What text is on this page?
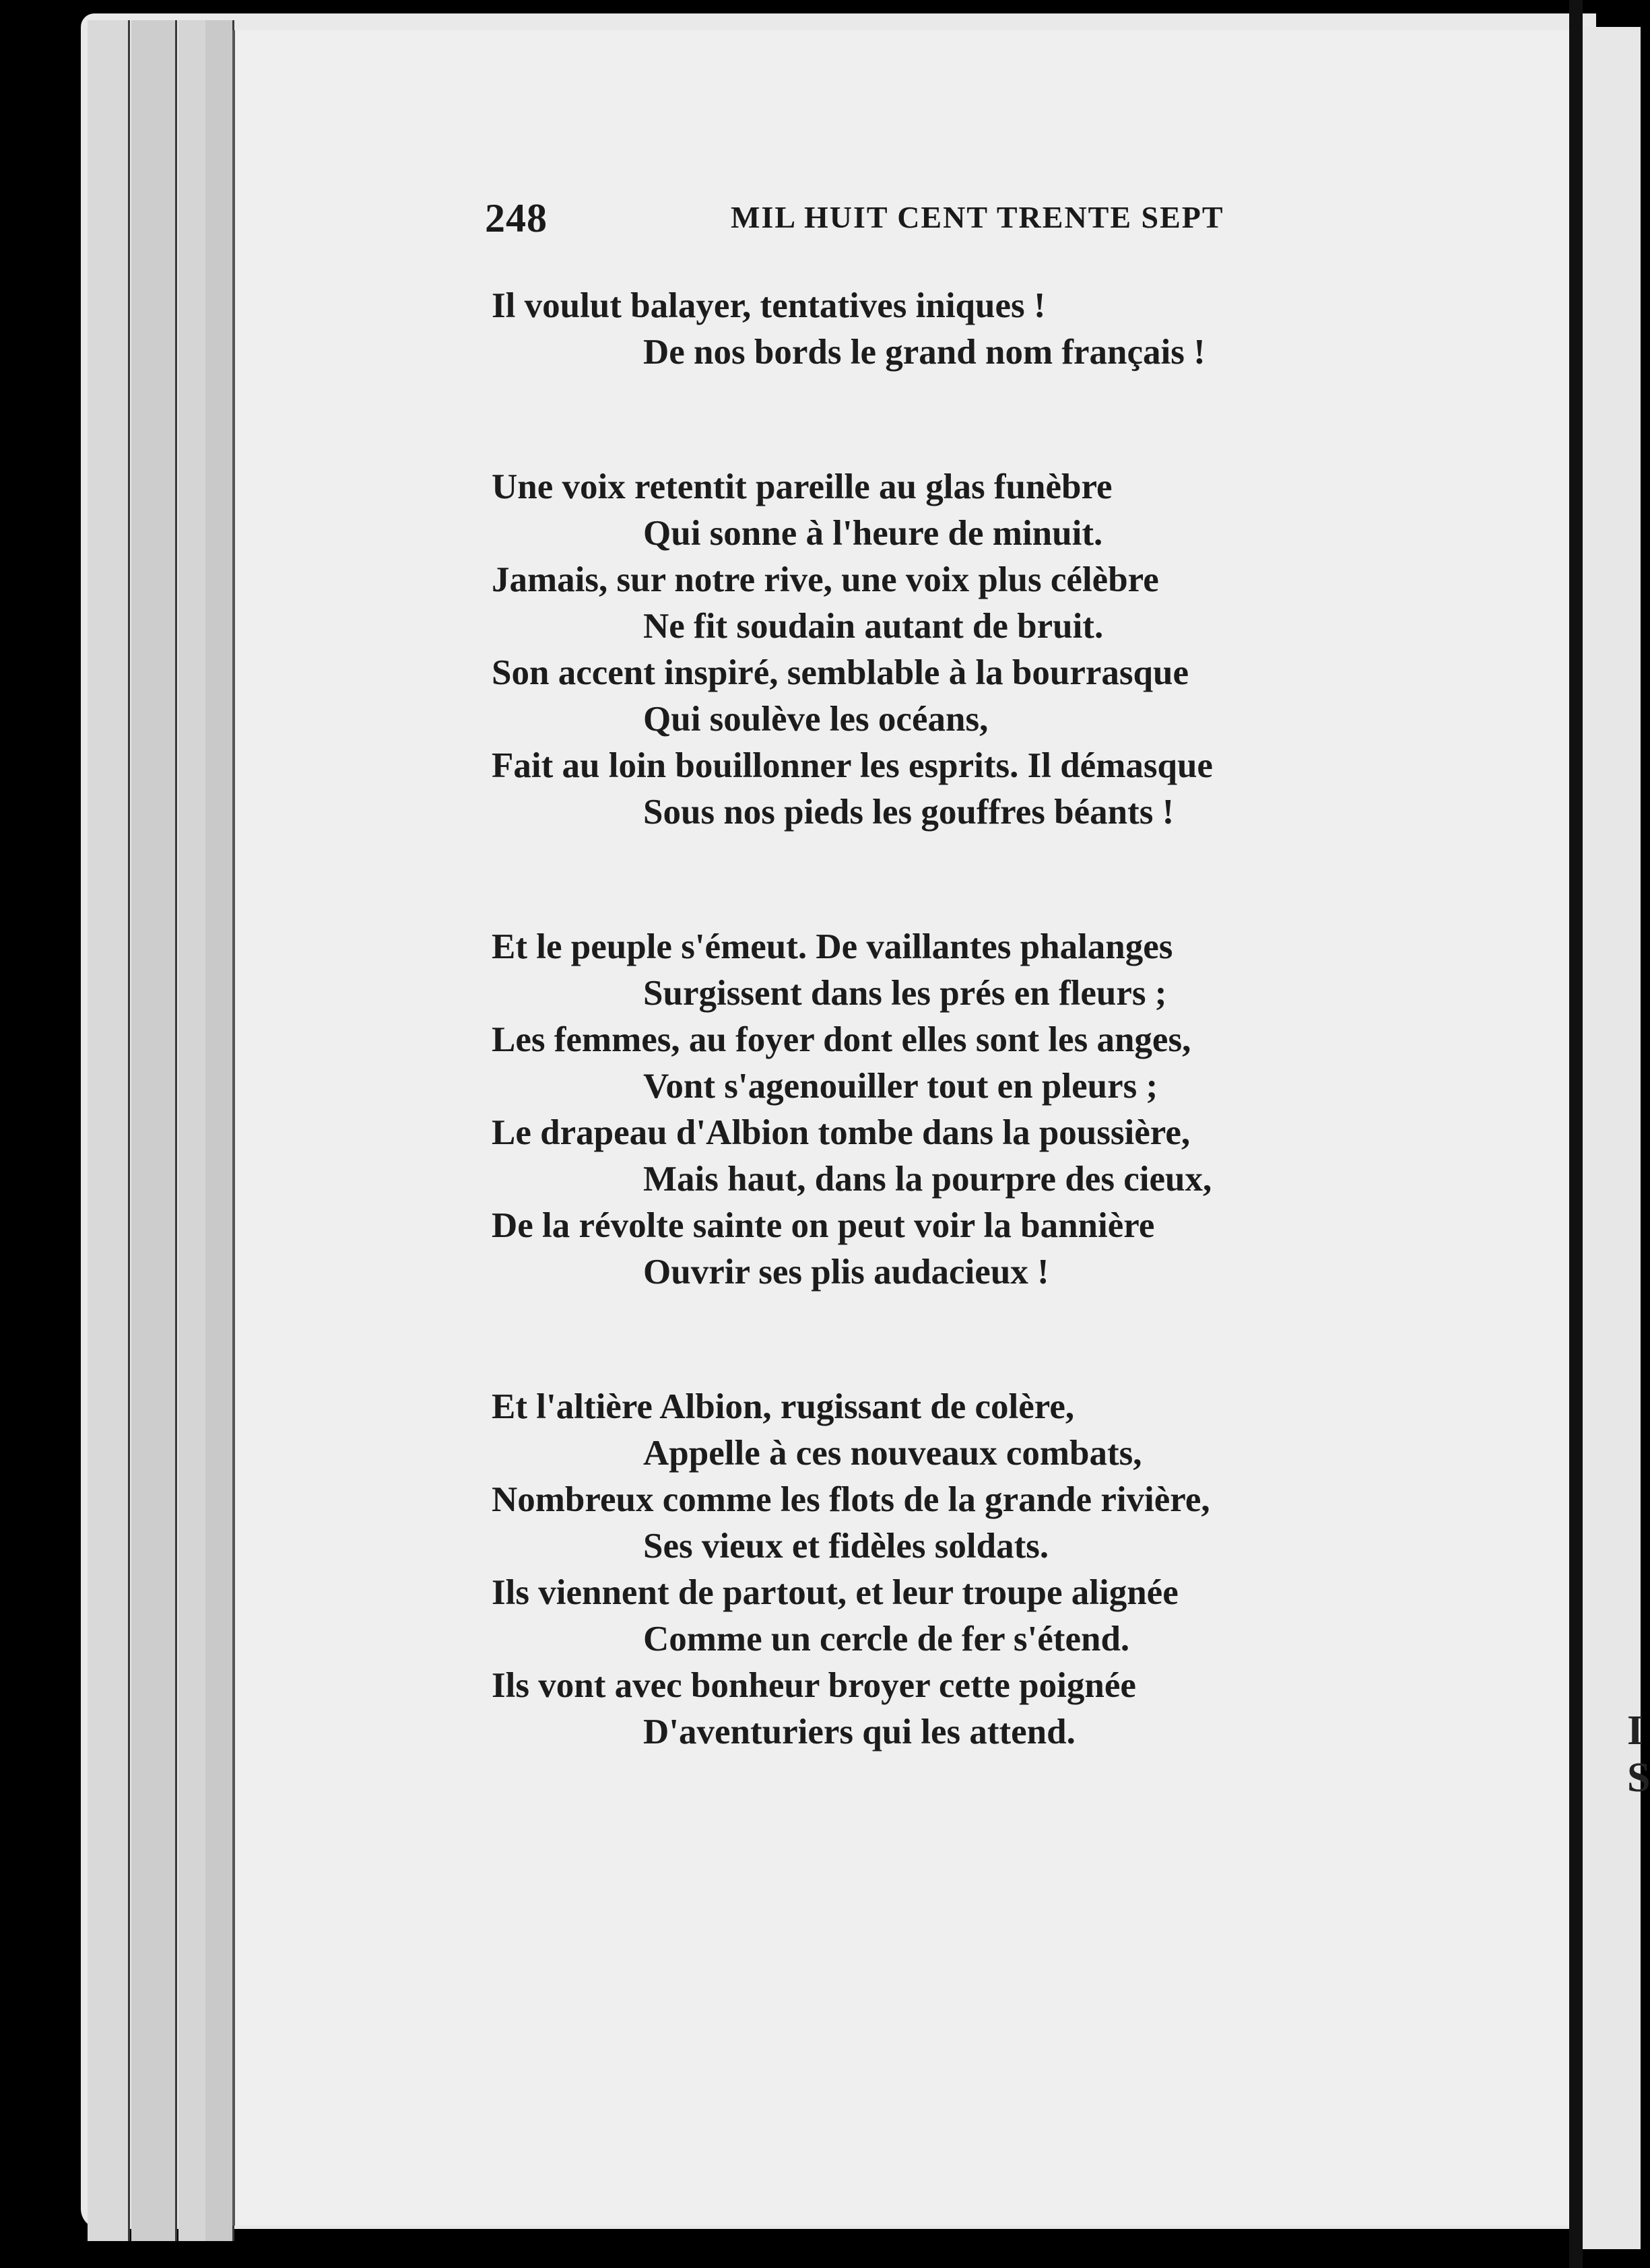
I
S
248	MIL HUIT CENT TRENTE SEPT
Il voulut balayer, tentatives iniques !
De nos bords le grand nom français !
Une voix retentit pareille au glas funèbre
Qui sonne à l'heure de minuit.
Jamais, sur notre rive, une voix plus célèbre
Ne fit soudain autant de bruit.
Son accent inspiré, semblable à la bourrasque
Qui soulève les océans,
Fait au loin bouillonner les esprits. Il démasque
Sous nos pieds les gouffres béants !
Et le peuple s'émeut. De vaillantes phalanges
Surgissent dans les prés en fleurs ;
Les femmes, au foyer dont elles sont les anges,
Vont s'agenouiller tout en pleurs ;
Le drapeau d'Albion tombe dans la poussière,
Mais haut, dans la pourpre des cieux,
De la révolte sainte on peut voir la bannière
Ouvrir ses plis audacieux !
Et l'altière Albion, rugissant de colère,
Appelle à ces nouveaux combats,
Nombreux comme les flots de la grande rivière,
Ses vieux et fidèles soldats.
Ils viennent de partout, et leur troupe alignée
Comme un cercle de fer s'étend.
Ils vont avec bonheur broyer cette poignée
D'aventuriers qui les attend.
